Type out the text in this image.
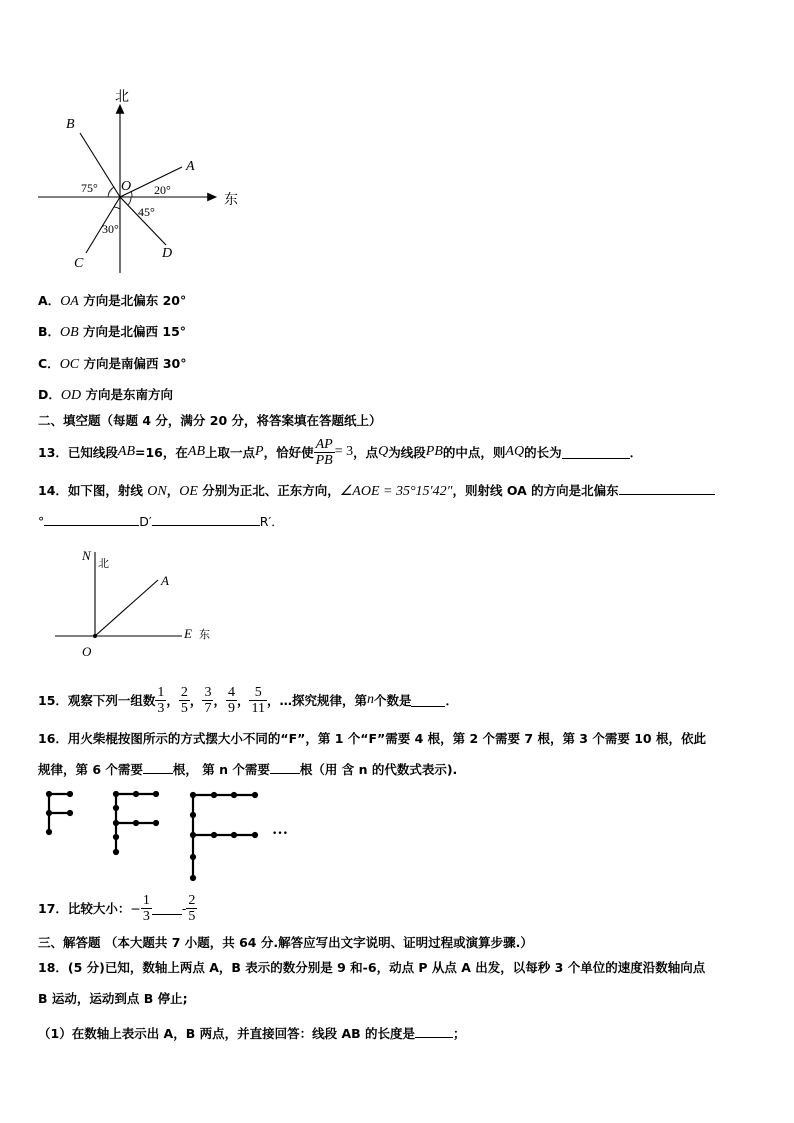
北
东
B
A
C
D
O
75°	20°
45°
30°
A．OA 方向是北偏东 20°
B．OB 方向是北偏西 15°
C．OC 方向是南偏西 30°
D．OD 方向是东南方向
二、填空题（每题 4 分，满分 20 分，将答案填在答题纸上）
13．已知线段 AB =16，在 AB 上取一点 P ，恰好使 $\frac{AP}{PB} = 3$ ，点 Q 为线段 PB 的中点，则 AQ 的长为	．
14．如下图，射线 ON，OE 分别为正北、正东方向，∠AOE = 35°15′42″，则射线 OA 的方向是北偏东
°	D′	R′．
N
北
A
E 东
O
15．观察下列一组数 $\frac{1}{3}$ ， $\frac{2}{5}$ ， $\frac{3}{7}$ ， $\frac{4}{9}$ ， $\frac{5}{11}$ ，…探究规律，第 n 个数是	．
16．用火柴棍按图所示的方式摆大小不同的“F”，第 1 个“F”需要 4 根，第 2 个需要 7 根，第 3 个需要 10 根，依此
规律，第 6 个需要 根， 第 n 个需要 根（用 含 n 的代数式表示).
…
17．比较大小： − $\frac{1}{3} - \frac{2}{5}$
三、解答题 （本大题共 7 小题，共 64 分.解答应写出文字说明、证明过程或演算步骤.）
18．(5 分)已知，数轴上两点 A，B 表示的数分别是 9 和-6，动点 P 从点 A 出发，以每秒 3 个单位的速度沿数轴向点
B 运动，运动到点 B 停止;
（1）在数轴上表示出 A，B 两点，并直接回答：线段 AB 的长度是	；
